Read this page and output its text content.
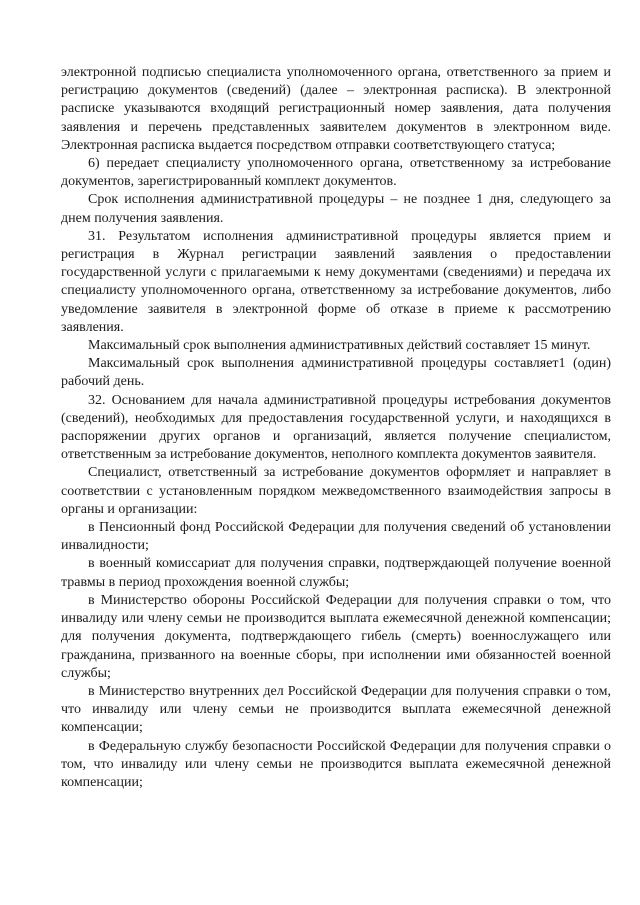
электронной подписью специалиста уполномоченного органа, ответственного за прием и регистрацию документов (сведений) (далее – электронная расписка). В электронной расписке указываются входящий регистрационный номер заявления, дата получения заявления и перечень представленных заявителем документов в электронном виде. Электронная расписка выдается посредством отправки соответствующего статуса;

6) передает специалисту уполномоченного органа, ответственному за истребование документов, зарегистрированный комплект документов.

Срок исполнения административной процедуры – не позднее 1 дня, следующего за днем получения заявления.

31. Результатом исполнения административной процедуры является прием и регистрация в Журнал регистрации заявлений заявления о предоставлении государственной услуги с прилагаемыми к нему документами (сведениями) и передача их специалисту уполномоченного органа, ответственному за истребование документов, либо уведомление заявителя в электронной форме об отказе в приеме к рассмотрению заявления.

Максимальный срок выполнения административных действий составляет 15 минут.

Максимальный срок выполнения административной процедуры составляет1 (один) рабочий день.

32. Основанием для начала административной процедуры истребования документов (сведений), необходимых для предоставления государственной услуги, и находящихся в распоряжении других органов и организаций, является получение специалистом, ответственным за истребование документов, неполного комплекта документов заявителя.

Специалист, ответственный за истребование документов оформляет и направляет в соответствии с установленным порядком межведомственного взаимодействия запросы в органы и организации:

в Пенсионный фонд Российской Федерации для получения сведений об установлении инвалидности;

в военный комиссариат для получения справки, подтверждающей получение военной травмы в период прохождения военной службы;

в Министерство обороны Российской Федерации для получения справки о том, что инвалиду или члену семьи не производится выплата ежемесячной денежной компенсации; для получения документа, подтверждающего гибель (смерть) военнослужащего или гражданина, призванного на военные сборы, при исполнении ими обязанностей военной службы;

в Министерство внутренних дел Российской Федерации для получения справки о том, что инвалиду или члену семьи не производится выплата ежемесячной денежной компенсации;

в Федеральную службу безопасности Российской Федерации для получения справки о том, что инвалиду или члену семьи не производится выплата ежемесячной денежной компенсации;
